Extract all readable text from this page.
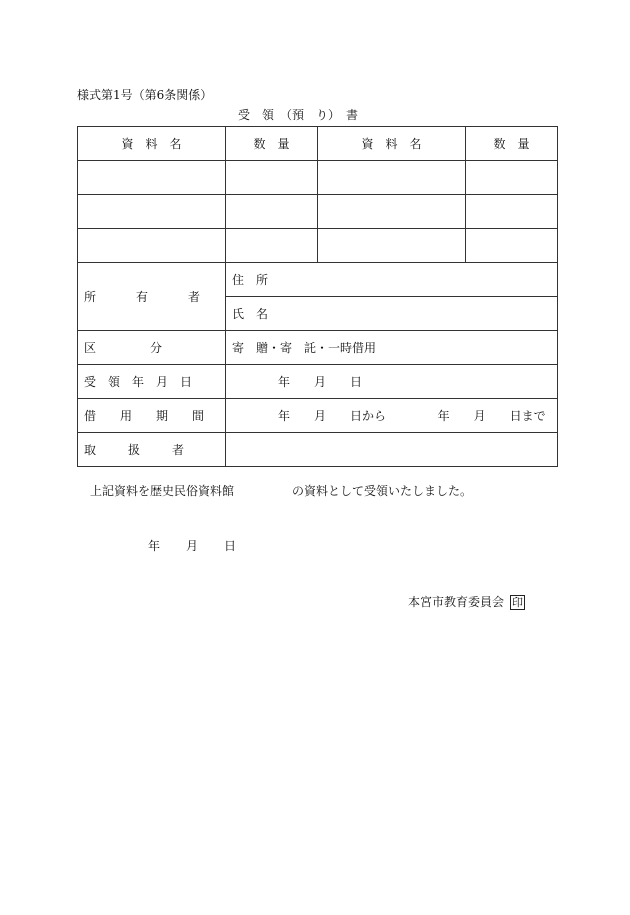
様式第1号（第6条関係）
受　領　（預　り）　書
資　料　名	数　量	資　料　名	数　量

所　有　者	住　所		
	氏　名		
区　　分	寄　贈・寄　託・一時借用		
受　領　年　月　日	年　　月　　日		
借　用　期　間	年　　月　　日から 年　　月　　日まで		
取　扱　者			
上記資料を歴史民俗資料館	の資料として受領いたしました。
年 月 日
本宮市教育委員会 印
